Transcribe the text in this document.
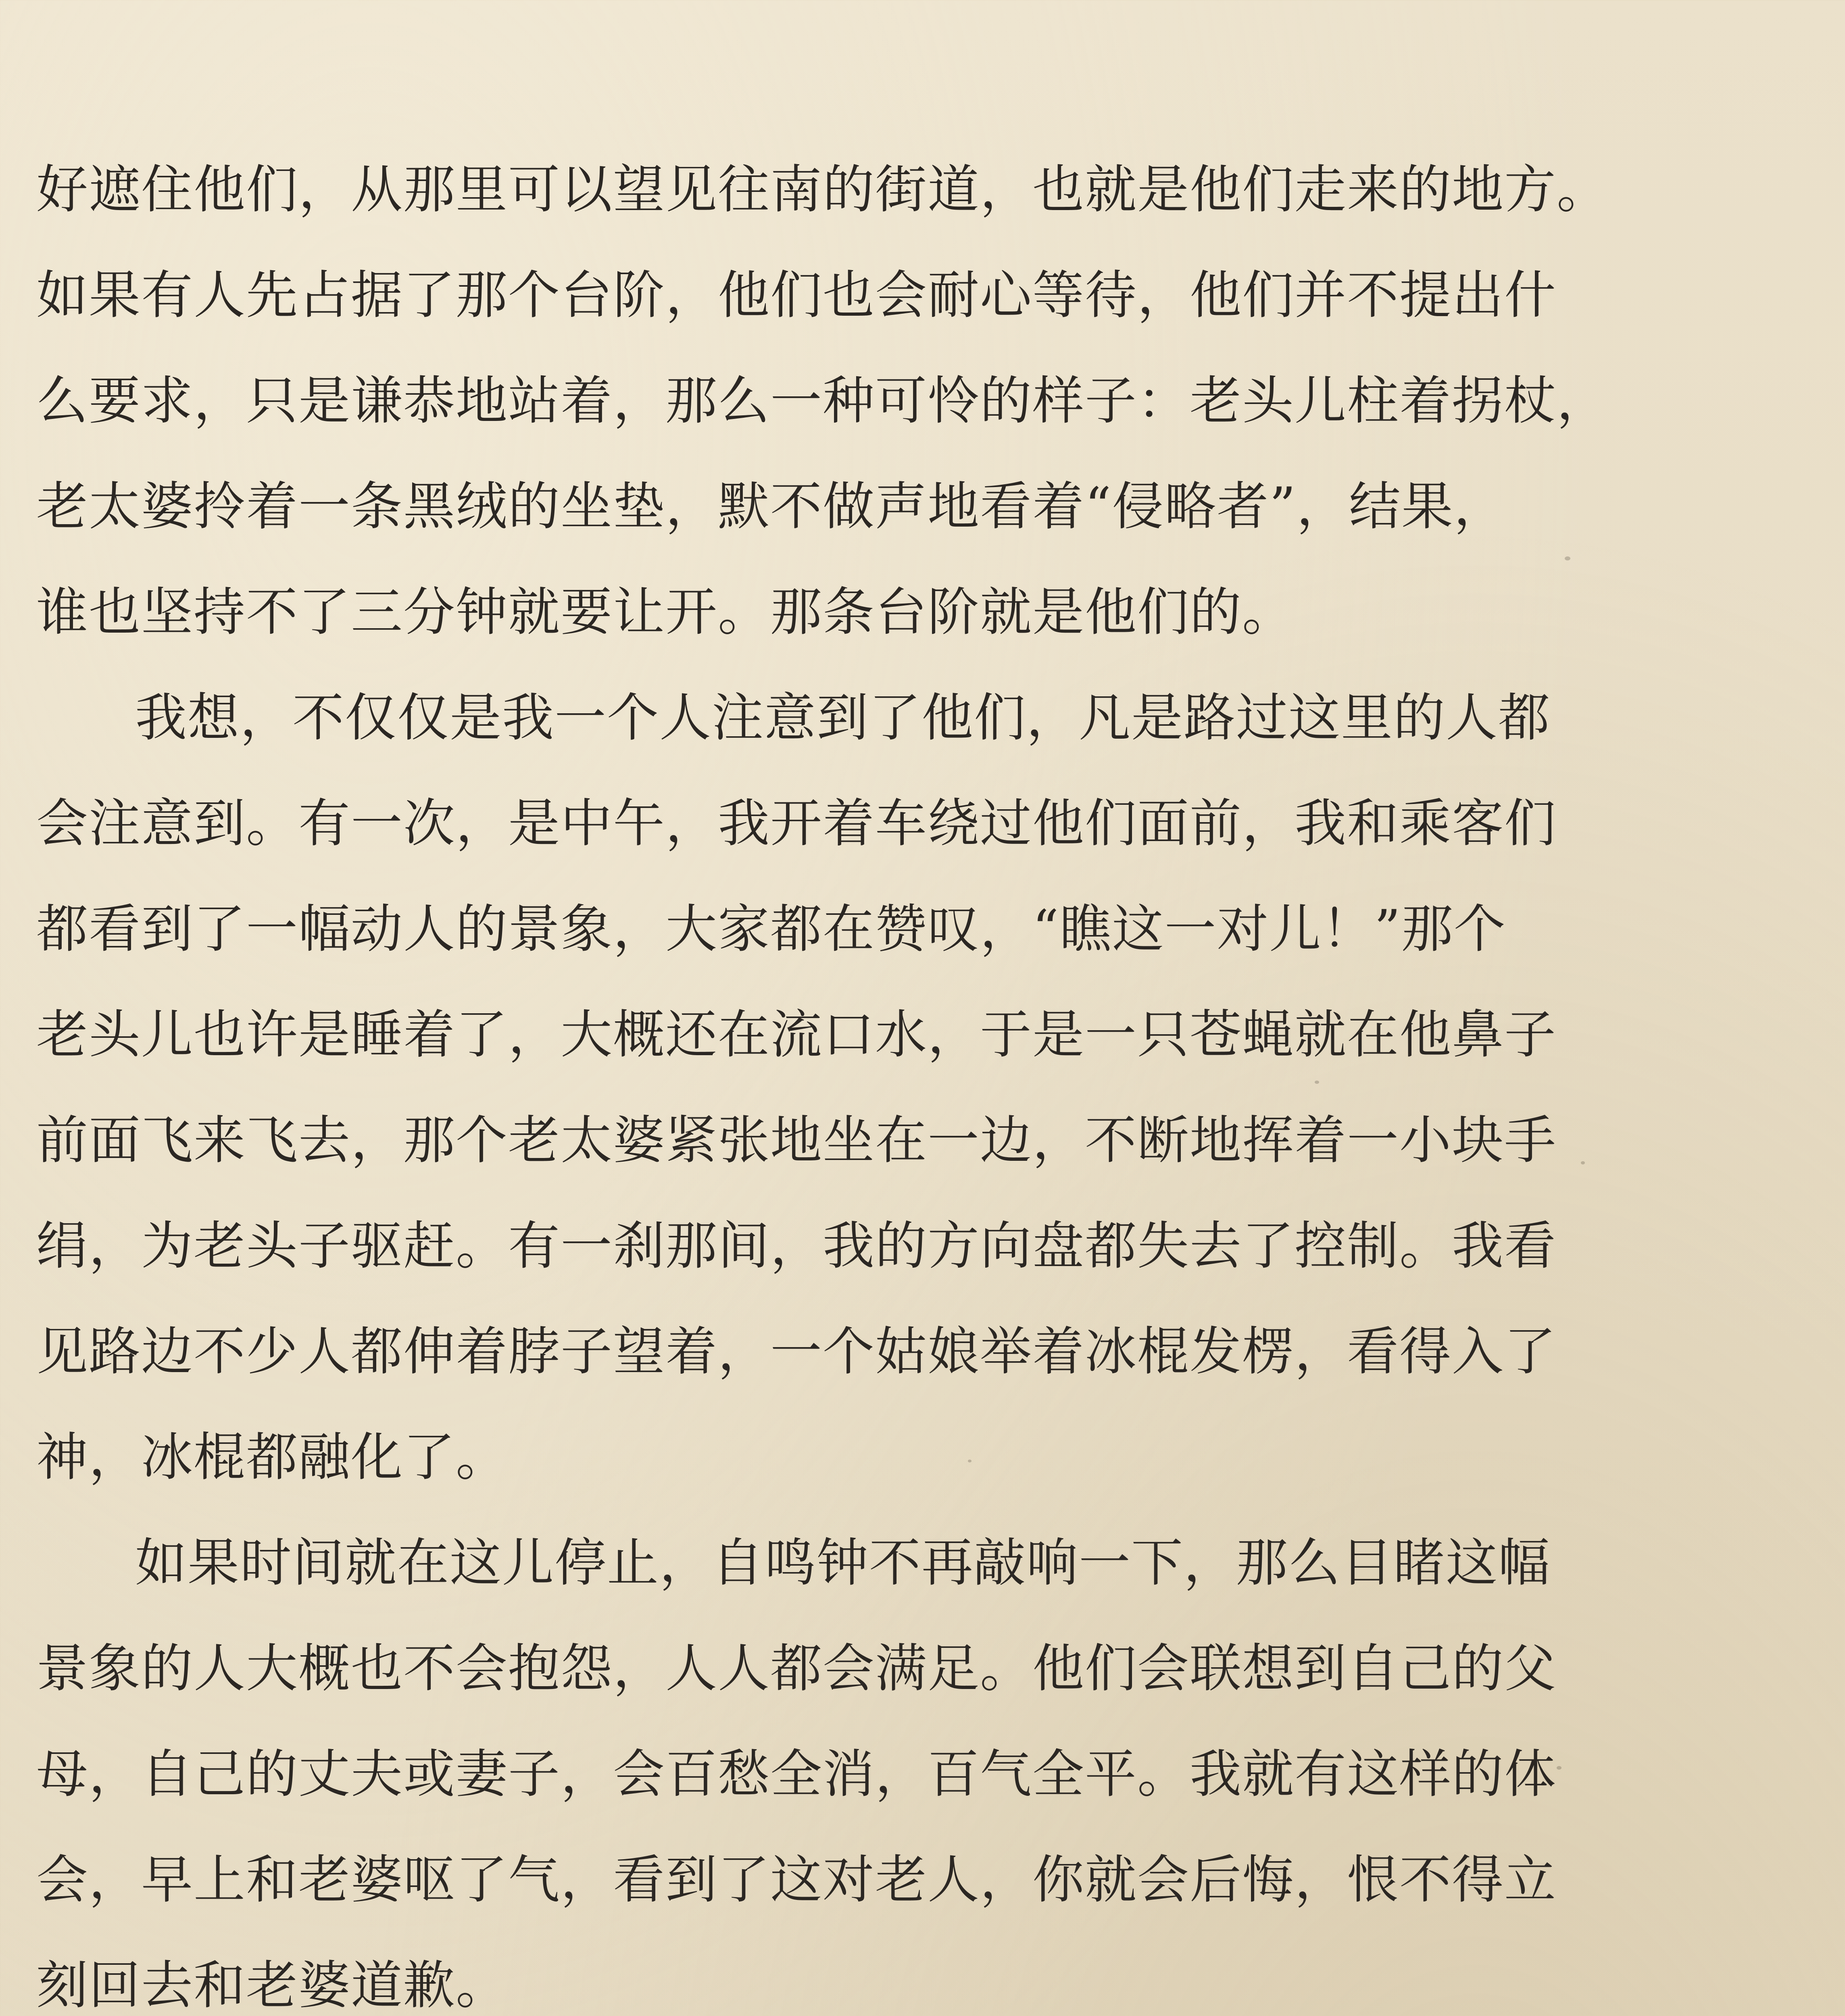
好遮住他们，从那里可以望见往南的街道，也就是他们走来的地方。
如果有人先占据了那个台阶，他们也会耐心等待，他们并不提出什
么要求，只是谦恭地站着，那么一种可怜的样子：老头儿柱着拐杖，
老太婆拎着一条黑绒的坐垫，默不做声地看着“侵略者”，结果，
谁也坚持不了三分钟就要让开。那条台阶就是他们的。
我想，不仅仅是我一个人注意到了他们，凡是路过这里的人都
会注意到。有一次，是中午，我开着车绕过他们面前，我和乘客们
都看到了一幅动人的景象，大家都在赞叹，“瞧这一对儿！”那个
老头儿也许是睡着了，大概还在流口水，于是一只苍蝇就在他鼻子
前面飞来飞去，那个老太婆紧张地坐在一边，不断地挥着一小块手
绢，为老头子驱赶。有一刹那间，我的方向盘都失去了控制。我看
见路边不少人都伸着脖子望着，一个姑娘举着冰棍发楞，看得入了
神，冰棍都融化了。
如果时间就在这儿停止，自鸣钟不再敲响一下，那么目睹这幅
景象的人大概也不会抱怨，人人都会满足。他们会联想到自己的父
母，自己的丈夫或妻子，会百愁全消，百气全平。我就有这样的体
会，早上和老婆呕了气，看到了这对老人，你就会后悔，恨不得立
刻回去和老婆道歉。
